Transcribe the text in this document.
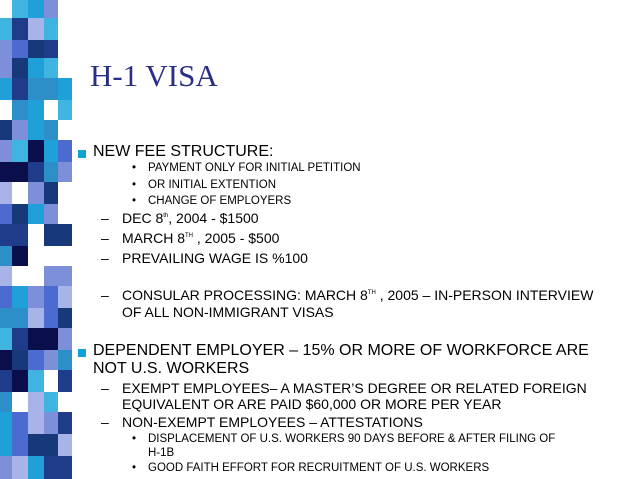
H-1 VISA
NEW FEE STRUCTURE:
• PAYMENT ONLY FOR INITIAL PETITION
• OR INITIAL EXTENTION
• CHANGE OF EMPLOYERS
– DEC 8th, 2004 - $1500
– MARCH 8TH , 2005 - $500
– PREVAILING WAGE IS %100
– CONSULAR PROCESSING: MARCH 8TH , 2005 – IN-PERSON INTERVIEW
OF ALL NON-IMMIGRANT VISAS
DEPENDENT EMPLOYER – 15% OR MORE OF WORKFORCE ARE
NOT U.S. WORKERS
– EXEMPT EMPLOYEES– A MASTER’S DEGREE OR RELATED FOREIGN
EQUIVALENT OR ARE PAID $60,000 OR MORE PER YEAR
– NON-EXEMPT EMPLOYEES – ATTESTATIONS
• DISPLACEMENT OF U.S. WORKERS 90 DAYS BEFORE & AFTER FILING OF
H-1B
• GOOD FAITH EFFORT FOR RECRUITMENT OF U.S. WORKERS
